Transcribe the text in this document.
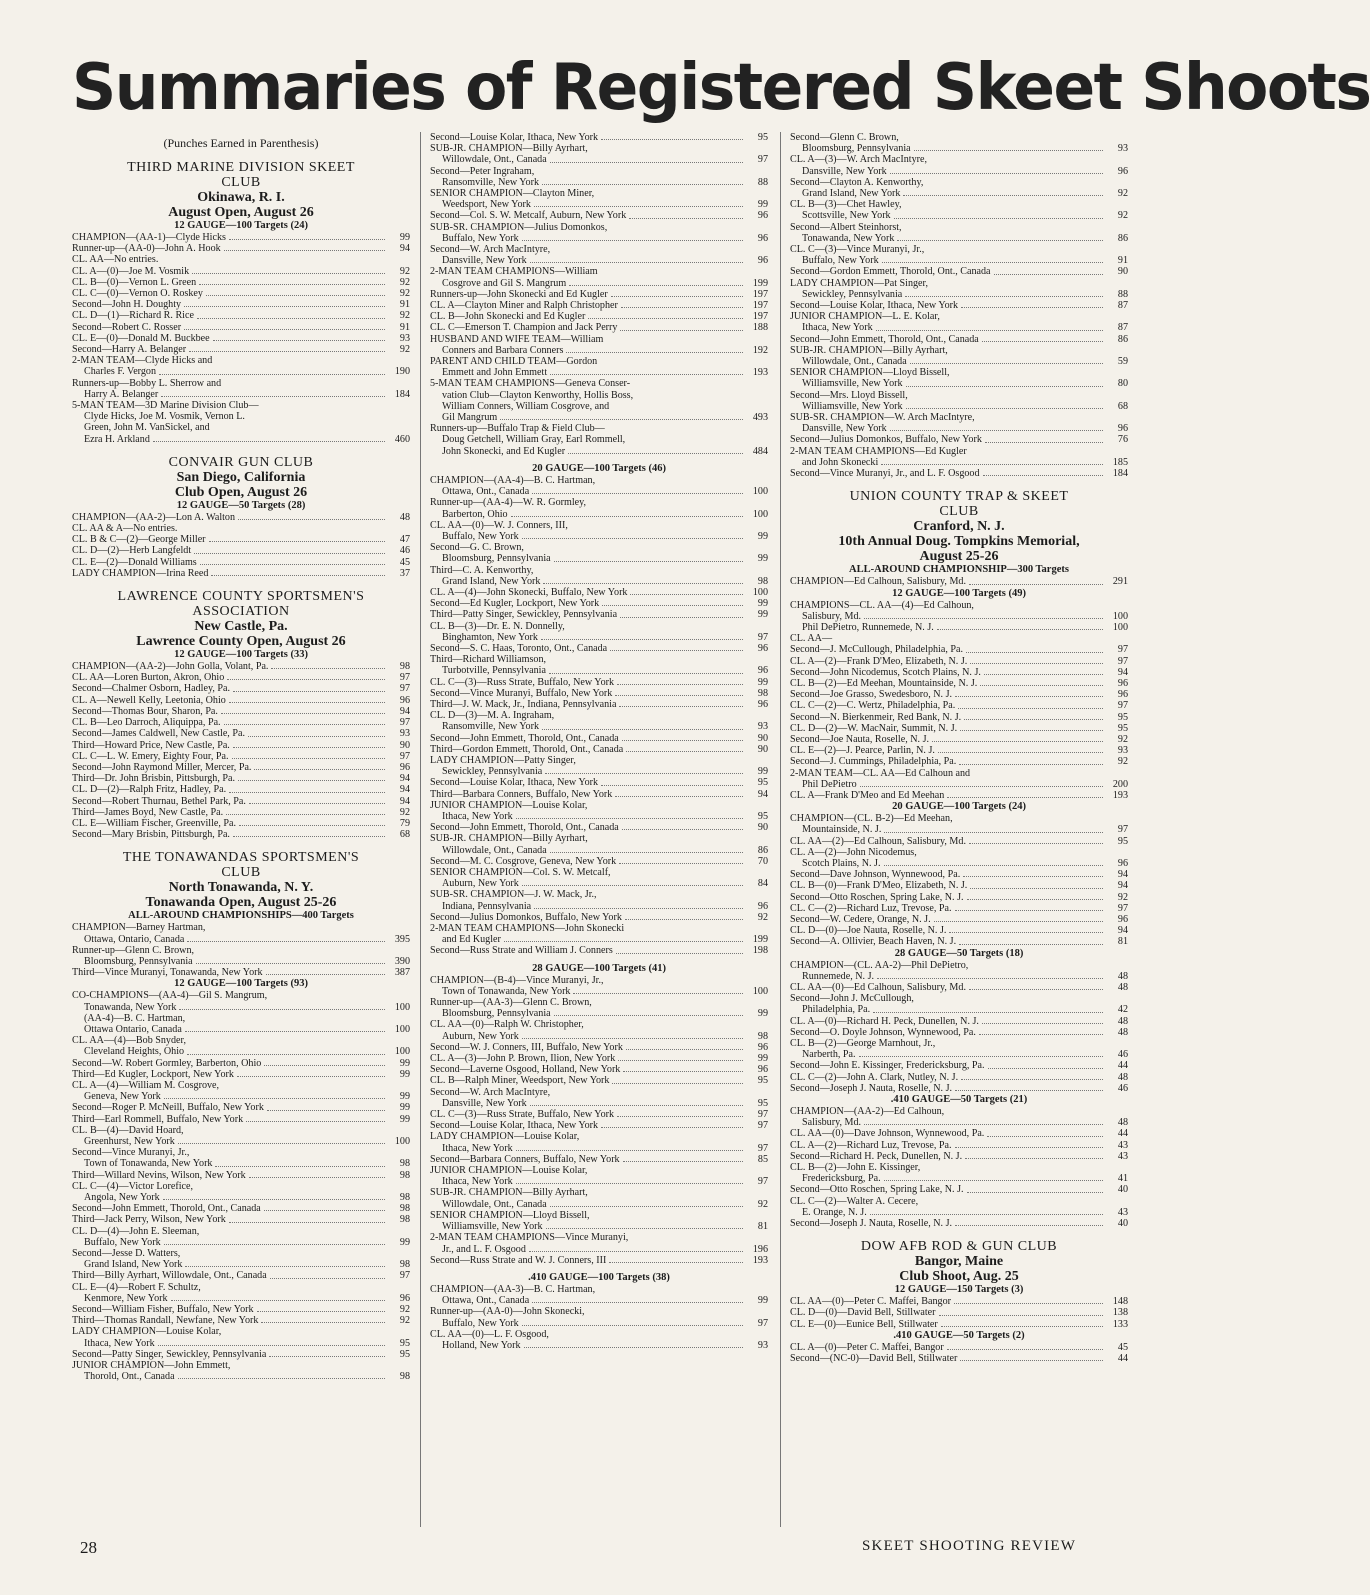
Summaries of Registered Skeet Shoots
(Punches Earned in Parenthesis)
THIRD MARINE DIVISION SKEET
CLUB
Okinawa, R. I.
August Open, August 26
12 GAUGE—100 Targets (24)
CHAMPION—(AA-1)—Clyde Hicks	99
Runner-up—(AA-0)—John A. Hook	94
CL. AA—No entries.
CL. A—(0)—Joe M. Vosmik	92
CL. B—(0)—Vernon L. Green	92
CL. C—(0)—Vernon O. Roskey	92
Second—John H. Doughty	91
CL. D—(1)—Richard R. Rice	92
Second—Robert C. Rosser	91
CL. E—(0)—Donald M. Buckbee	93
Second—Harry A. Belanger	92
2-MAN TEAM—Clyde Hicks and
Charles F. Vergon	190
Runners-up—Bobby L. Sherrow and
Harry A. Belanger	184
5-MAN TEAM—3D Marine Division Club—
Clyde Hicks, Joe M. Vosmik, Vernon L.
Green, John M. VanSickel, and
Ezra H. Arkland	460
CONVAIR GUN CLUB
San Diego, California
Club Open, August 26
12 GAUGE—50 Targets (28)
CHAMPION—(AA-2)—Lon A. Walton	48
CL. AA & A—No entries.
CL. B & C—(2)—George Miller	47
CL. D—(2)—Herb Langfeldt	46
CL. E—(2)—Donald Williams	45
LADY CHAMPION—Irina Reed	37
LAWRENCE COUNTY SPORTSMEN'S
ASSOCIATION
New Castle, Pa.
Lawrence County Open, August 26
12 GAUGE—100 Targets (33)
CHAMPION—(AA-2)—John Golla, Volant, Pa.	98
CL. AA—Loren Burton, Akron, Ohio	97
Second—Chalmer Osborn, Hadley, Pa.	97
CL. A—Newell Kelly, Leetonia, Ohio	96
Second—Thomas Bour, Sharon, Pa.	94
CL. B—Leo Darroch, Aliquippa, Pa.	97
Second—James Caldwell, New Castle, Pa.	93
Third—Howard Price, New Castle, Pa.	90
CL. C—L. W. Emery, Eighty Four, Pa.	97
Second—John Raymond Miller, Mercer, Pa.	96
Third—Dr. John Brisbin, Pittsburgh, Pa.	94
CL. D—(2)—Ralph Fritz, Hadley, Pa.	94
Second—Robert Thurnau, Bethel Park, Pa.	94
Third—James Boyd, New Castle, Pa.	92
CL. E—William Fischer, Greenville, Pa.	79
Second—Mary Brisbin, Pittsburgh, Pa.	68
THE TONAWANDAS SPORTSMEN'S
CLUB
North Tonawanda, N. Y.
Tonawanda Open, August 25-26
ALL-AROUND CHAMPIONSHIPS—400 Targets
CHAMPION—Barney Hartman,
Ottawa, Ontario, Canada	395
Runner-up—Glenn C. Brown,
Bloomsburg, Pennsylvania	390
Third—Vince Muranyi, Tonawanda, New York	387
12 GAUGE—100 Targets (93)
CO-CHAMPIONS—(AA-4)—Gil S. Mangrum,
Tonawanda, New York	100
(AA-4)—B. C. Hartman,
Ottawa Ontario, Canada	100
CL. AA—(4)—Bob Snyder,
Cleveland Heights, Ohio	100
Second—W. Robert Gormley, Barberton, Ohio	99
Third—Ed Kugler, Lockport, New York	99
CL. A—(4)—William M. Cosgrove,
Geneva, New York	99
Second—Roger P. McNeill, Buffalo, New York	99
Third—Earl Rommell, Buffalo, New York	99
CL. B—(4)—David Hoard,
Greenhurst, New York	100
Second—Vince Muranyi, Jr.,
Town of Tonawanda, New York	98
Third—Willard Nevins, Wilson, New York	98
CL. C—(4)—Victor Lorefice,
Angola, New York	98
Second—John Emmett, Thorold, Ont., Canada	98
Third—Jack Perry, Wilson, New York	98
CL. D—(4)—John E. Sleeman,
Buffalo, New York	99
Second—Jesse D. Watters,
Grand Island, New York	98
Third—Billy Ayrhart, Willowdale, Ont., Canada	97
CL. E—(4)—Robert F. Schultz,
Kenmore, New York	96
Second—William Fisher, Buffalo, New York	92
Third—Thomas Randall, Newfane, New York	92
LADY CHAMPION—Louise Kolar,
Ithaca, New York	95
Second—Patty Singer, Sewickley, Pennsylvania	95
JUNIOR CHAMPION—John Emmett,
Thorold, Ont., Canada	98
Second—Louise Kolar, Ithaca, New York	95
SUB-JR. CHAMPION—Billy Ayrhart,
Willowdale, Ont., Canada	97
Second—Peter Ingraham,
Ransomville, New York	88
SENIOR CHAMPION—Clayton Miner,
Weedsport, New York	99
Second—Col. S. W. Metcalf, Auburn, New York	96
SUB-SR. CHAMPION—Julius Domonkos,
Buffalo, New York	96
Second—W. Arch MacIntyre,
Dansville, New York	96
2-MAN TEAM CHAMPIONS—William
Cosgrove and Gil S. Mangrum	199
Runners-up—John Skonecki and Ed Kugler	197
CL. A—Clayton Miner and Ralph Christopher	197
CL. B—John Skonecki and Ed Kugler	197
CL. C—Emerson T. Champion and Jack Perry	188
HUSBAND AND WIFE TEAM—William
Conners and Barbara Conners	192
PARENT AND CHILD TEAM—Gordon
Emmett and John Emmett	193
5-MAN TEAM CHAMPIONS—Geneva Conser-
vation Club—Clayton Kenworthy, Hollis Boss,
William Conners, William Cosgrove, and
Gil Mangrum	493
Runners-up—Buffalo Trap & Field Club—
Doug Getchell, William Gray, Earl Rommell,
John Skonecki, and Ed Kugler	484
20 GAUGE—100 Targets (46)
CHAMPION—(AA-4)—B. C. Hartman,
Ottawa, Ont., Canada	100
Runner-up—(AA-4)—W. R. Gormley,
Barberton, Ohio	100
CL. AA—(0)—W. J. Conners, III,
Buffalo, New York	99
Second—G. C. Brown,
Bloomsburg, Pennsylvania	99
Third—C. A. Kenworthy,
Grand Island, New York	98
CL. A—(4)—John Skonecki, Buffalo, New York	100
Second—Ed Kugler, Lockport, New York	99
Third—Patty Singer, Sewickley, Pennsylvania	99
CL. B—(3)—Dr. E. N. Donnelly,
Binghamton, New York	97
Second—S. C. Haas, Toronto, Ont., Canada	96
Third—Richard Williamson,
Turbotville, Pennsylvania	96
CL. C—(3)—Russ Strate, Buffalo, New York	99
Second—Vince Muranyi, Buffalo, New York	98
Third—J. W. Mack, Jr., Indiana, Pennsylvania	96
CL. D—(3)—M. A. Ingraham,
Ransomville, New York	93
Second—John Emmett, Thorold, Ont., Canada	90
Third—Gordon Emmett, Thorold, Ont., Canada	90
LADY CHAMPION—Patty Singer,
Sewickley, Pennsylvania	99
Second—Louise Kolar, Ithaca, New York	95
Third—Barbara Conners, Buffalo, New York	94
JUNIOR CHAMPION—Louise Kolar,
Ithaca, New York	95
Second—John Emmett, Thorold, Ont., Canada	90
SUB-JR. CHAMPION—Billy Ayrhart,
Willowdale, Ont., Canada	86
Second—M. C. Cosgrove, Geneva, New York	70
SENIOR CHAMPION—Col. S. W. Metcalf,
Auburn, New York	84
SUB-SR. CHAMPION—J. W. Mack, Jr.,
Indiana, Pennsylvania	96
Second—Julius Domonkos, Buffalo, New York	92
2-MAN TEAM CHAMPIONS—John Skonecki
and Ed Kugler	199
Second—Russ Strate and William J. Conners	198
28 GAUGE—100 Targets (41)
CHAMPION—(B-4)—Vince Muranyi, Jr.,
Town of Tonawanda, New York	100
Runner-up—(AA-3)—Glenn C. Brown,
Bloomsburg, Pennsylvania	99
CL. AA—(0)—Ralph W. Christopher,
Auburn, New York	98
Second—W. J. Conners, III, Buffalo, New York	96
CL. A—(3)—John P. Brown, Ilion, New York	99
Second—Laverne Osgood, Holland, New York	96
CL. B—Ralph Miner, Weedsport, New York	95
Second—W. Arch MacIntyre,
Dansville, New York	95
CL. C—(3)—Russ Strate, Buffalo, New York	97
Second—Louise Kolar, Ithaca, New York	97
LADY CHAMPION—Louise Kolar,
Ithaca, New York	97
Second—Barbara Conners, Buffalo, New York	85
JUNIOR CHAMPION—Louise Kolar,
Ithaca, New York	97
SUB-JR. CHAMPION—Billy Ayrhart,
Willowdale, Ont., Canada	92
SENIOR CHAMPION—Lloyd Bissell,
Williamsville, New York	81
2-MAN TEAM CHAMPIONS—Vince Muranyi,
Jr., and L. F. Osgood	196
Second—Russ Strate and W. J. Conners, III	193
.410 GAUGE—100 Targets (38)
CHAMPION—(AA-3)—B. C. Hartman,
Ottawa, Ont., Canada	99
Runner-up—(AA-0)—John Skonecki,
Buffalo, New York	97
CL. AA—(0)—L. F. Osgood,
Holland, New York	93
Second—Glenn C. Brown,
Bloomsburg, Pennsylvania	93
CL. A—(3)—W. Arch MacIntyre,
Dansville, New York	96
Second—Clayton A. Kenworthy,
Grand Island, New York	92
CL. B—(3)—Chet Hawley,
Scottsville, New York	92
Second—Albert Steinhorst,
Tonawanda, New York	86
CL. C—(3)—Vince Muranyi, Jr.,
Buffalo, New York	91
Second—Gordon Emmett, Thorold, Ont., Canada	90
LADY CHAMPION—Pat Singer,
Sewickley, Pennsylvania	88
Second—Louise Kolar, Ithaca, New York	87
JUNIOR CHAMPION—L. E. Kolar,
Ithaca, New York	87
Second—John Emmett, Thorold, Ont., Canada	86
SUB-JR. CHAMPION—Billy Ayrhart,
Willowdale, Ont., Canada	59
SENIOR CHAMPION—Lloyd Bissell,
Williamsville, New York	80
Second—Mrs. Lloyd Bissell,
Williamsville, New York	68
SUB-SR. CHAMPION—W. Arch MacIntyre,
Dansville, New York	96
Second—Julius Domonkos, Buffalo, New York	76
2-MAN TEAM CHAMPIONS—Ed Kugler
and John Skonecki	185
Second—Vince Muranyi, Jr., and L. F. Osgood	184
UNION COUNTY TRAP & SKEET
CLUB
Cranford, N. J.
10th Annual Doug. Tompkins Memorial,
August 25-26
ALL-AROUND CHAMPIONSHIP—300 Targets
CHAMPION—Ed Calhoun, Salisbury, Md.	291
12 GAUGE—100 Targets (49)
CHAMPIONS—CL. AA—(4)—Ed Calhoun,
Salisbury, Md.	100
Phil DePietro, Runnemede, N. J.	100
CL. AA—
Second—J. McCullough, Philadelphia, Pa.	97
CL. A—(2)—Frank D'Meo, Elizabeth, N. J.	97
Second—John Nicodemus, Scotch Plains, N. J.	94
CL. B—(2)—Ed Meehan, Mountainside, N. J.	96
Second—Joe Grasso, Swedesboro, N. J.	96
CL. C—(2)—C. Wertz, Philadelphia, Pa.	97
Second—N. Bierkenmeir, Red Bank, N. J.	95
CL. D—(2)—W. MacNair, Summit, N. J.	95
Second—Joe Nauta, Roselle, N. J.	92
CL. E—(2)—J. Pearce, Parlin, N. J.	93
Second—J. Cummings, Philadelphia, Pa.	92
2-MAN TEAM—CL. AA—Ed Calhoun and
Phil DePietro	200
CL. A—Frank D'Meo and Ed Meehan	193
20 GAUGE—100 Targets (24)
CHAMPION—(CL. B-2)—Ed Meehan,
Mountainside, N. J.	97
CL. AA—(2)—Ed Calhoun, Salisbury, Md.	95
CL. A—(2)—John Nicodemus,
Scotch Plains, N. J.	96
Second—Dave Johnson, Wynnewood, Pa.	94
CL. B—(0)—Frank D'Meo, Elizabeth, N. J.	94
Second—Otto Roschen, Spring Lake, N. J.	92
CL. C—(2)—Richard Luz, Trevose, Pa.	97
Second—W. Cedere, Orange, N. J.	96
CL. D—(0)—Joe Nauta, Roselle, N. J.	94
Second—A. Ollivier, Beach Haven, N. J.	81
28 GAUGE—50 Targets (18)
CHAMPION—(CL. AA-2)—Phil DePietro,
Runnemede, N. J.	48
CL. AA—(0)—Ed Calhoun, Salisbury, Md.	48
Second—John J. McCullough,
Philadelphia, Pa.	42
CL. A—(0)—Richard H. Peck, Dunellen, N. J.	48
Second—O. Doyle Johnson, Wynnewood, Pa.	48
CL. B—(2)—George Marnhout, Jr.,
Narberth, Pa.	46
Second—John E. Kissinger, Fredericksburg, Pa.	44
CL. C—(2)—John A. Clark, Nutley, N. J.	48
Second—Joseph J. Nauta, Roselle, N. J.	46
.410 GAUGE—50 Targets (21)
CHAMPION—(AA-2)—Ed Calhoun,
Salisbury, Md.	48
CL. AA—(0)—Dave Johnson, Wynnewood, Pa.	44
CL. A—(2)—Richard Luz, Trevose, Pa.	43
Second—Richard H. Peck, Dunellen, N. J.	43
CL. B—(2)—John E. Kissinger,
Fredericksburg, Pa.	41
Second—Otto Roschen, Spring Lake, N. J.	40
CL. C—(2)—Walter A. Cecere,
E. Orange, N. J.	43
Second—Joseph J. Nauta, Roselle, N. J.	40
DOW AFB ROD & GUN CLUB
Bangor, Maine
Club Shoot, Aug. 25
12 GAUGE—150 Targets (3)
CL. AA—(0)—Peter C. Maffei, Bangor	148
CL. D—(0)—David Bell, Stillwater	138
CL. E—(0)—Eunice Bell, Stillwater	133
.410 GAUGE—50 Targets (2)
CL. A—(0)—Peter C. Maffei, Bangor	45
Second—(NC-0)—David Bell, Stillwater	44
28	SKEET SHOOTING REVIEW
